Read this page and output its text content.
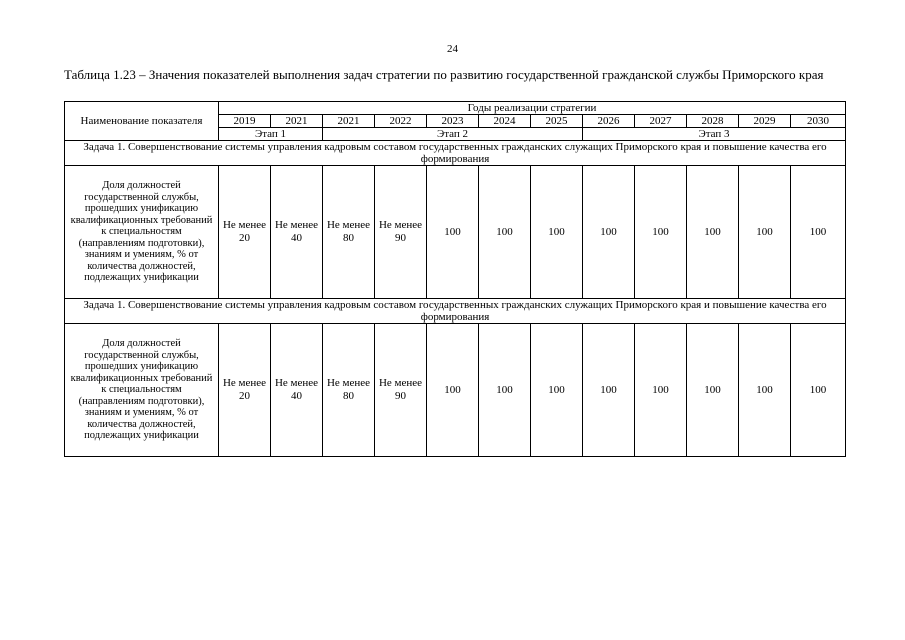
24
Таблица 1.23 – Значения показателей выполнения задач стратегии по развитию государственной гражданской службы Приморского края
Наименование показателя	Годы реализации стратегии											
	2019	2021	2021	2022	2023	2024	2025	2026	2027	2028	2029	2030
	Этап 1		Этап 2					Этап 3				
Задача 1. Совершенствование системы управления кадровым составом государственных гражданских служащих Приморского края и повышение качества его формирования												
Доля должностей государственной службы, прошедших унификацию квалификационных требований к специальностям (направлениям подготовки), знаниям и умениям, % от количества должностей, подлежащих унификации	Не менее 20	Не менее 40	Не менее 80	Не менее 90	100	100	100	100	100	100	100	100
Задача 1. Совершенствование системы управления кадровым составом государственных гражданских служащих Приморского края и повышение качества его формирования												
Доля должностей государственной службы, прошедших унификацию квалификационных требований к специальностям (направлениям подготовки), знаниям и умениям, % от количества должностей, подлежащих унификации	Не менее 20	Не менее 40	Не менее 80	Не менее 90	100	100	100	100	100	100	100	100
